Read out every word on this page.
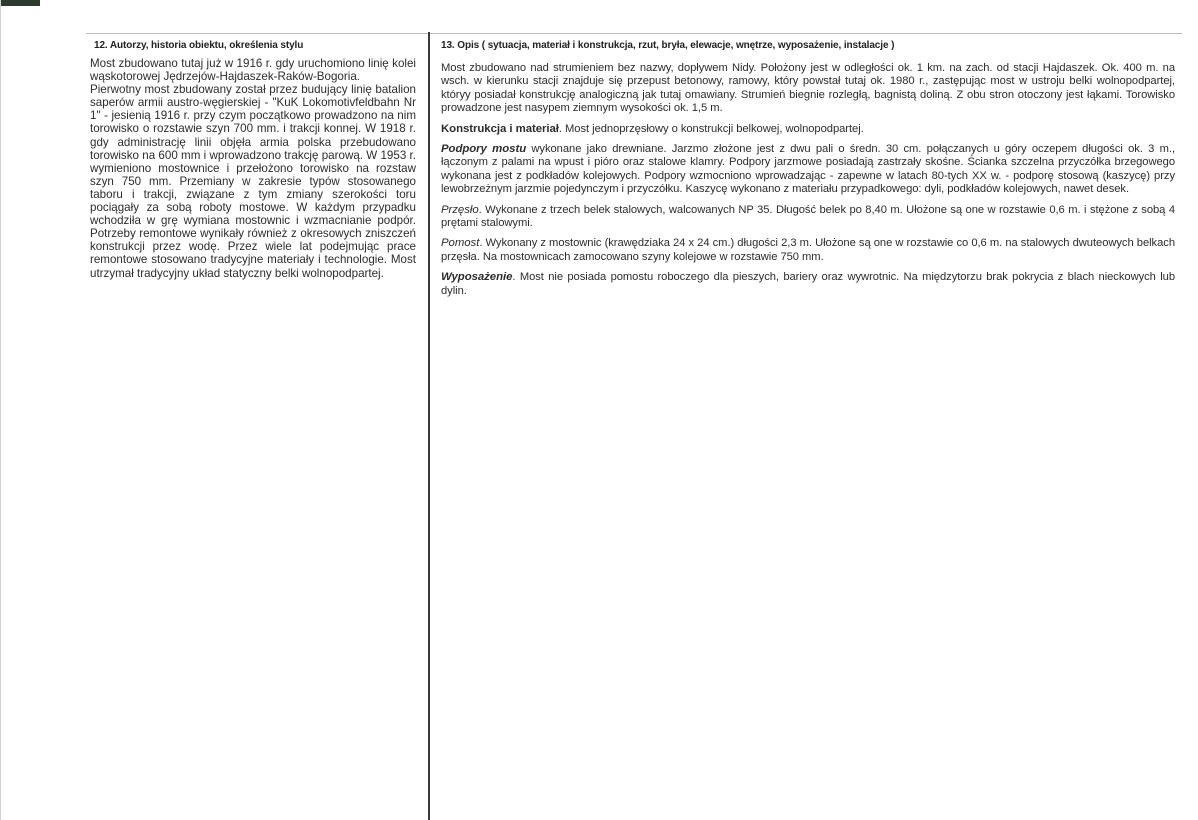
12. Autorzy, historia obiektu, określenia stylu

Most zbudowano tutaj już w 1916 r. gdy uruchomiono linię kolei wąskotorowej Jędrzejów-Hajdaszek-Raków-Bogoria.

Pierwotny most zbudowany został przez budujący linię batalion saperów armii austro-węgierskiej - "KuK Lokomotivfeldbahn Nr 1" - jesienią 1916 r. przy czym początkowo prowadzono na nim torowisko o rozstawie szyn 700 mm. i trakcji konnej. W 1918 r. gdy administrację linii objęła armia polska przebudowano torowisko na 600 mm i wprowadzono trakcję parową. W 1953 r. wymieniono mostownice i przełożono torowisko na rozstaw szyn 750 mm. Przemiany w zakresie typów stosowanego taboru i trakcji, związane z tym zmiany szerokości toru pociągały za sobą roboty mostowe. W każdym przypadku wchodziła w grę wymiana mostownic i wzmacnianie podpór. Potrzeby remontowe wynikały również z okresowych zniszczeń konstrukcji przez wodę. Przez wiele lat podejmując prace remontowe stosowano tradycyjne materiały i technologie. Most utrzymał tradycyjny układ statyczny belki wolnopodpartej.

13. Opis ( sytuacja, materiał i konstrukcja, rzut, bryła, elewacje, wnętrze, wyposażenie, instalacje )

Most zbudowano nad strumieniem bez nazwy, dopływem Nidy. Położony jest w odległości ok. 1 km. na zach. od stacji Hajdaszek. Ok. 400 m. na wsch. w kierunku stacji znajduje się przepust betonowy, ramowy, który powstał tutaj ok. 1980 r., zastępując most w ustroju belki wolnopodpartej, któryy posiadał konstrukcję analogiczną jak tutaj omawiany. Strumień biegnie rozległą, bagnistą doliną. Z obu stron otoczony jest łąkami. Torowisko prowadzone jest nasypem ziemnym wysokości ok. 1,5 m.

Konstrukcja i materiał. Most jednoprzęsłowy o konstrukcji belkowej, wolnopodpartej.

Podpory mostu wykonane jako drewniane. Jarzmo złożone jest z dwu pali o średn. 30 cm. połączanych u góry oczepem długości ok. 3 m., łączonym z palami na wpust i pióro oraz stalowe klamry. Podpory jarzmowe posiadają zastrzały skośne. Ścianka szczelna przyczółka brzegowego wykonana jest z podkładów kolejowych. Podpory wzmocniono wprowadzając - zapewne w latach 80-tych XX w. - podporę stosową (kaszycę) przy lewobrzeżnym jarzmie pojedynczym i przyczółku. Kaszycę wykonano z materiału przypadkowego: dyli, podkładów kolejowych, nawet desek.

Przęsło. Wykonane z trzech belek stalowych, walcowanych NP 35. Długość belek po 8,40 m. Ułożone są one w rozstawie 0,6 m. i stężone z sobą 4 prętami stalowymi.

Pomost. Wykonany z mostownic (krawędziaka 24 x 24 cm.) długości 2,3 m. Ułożone są one w rozstawie co 0,6 m. na stalowych dwuteowych belkach przęsła. Na mostownicach zamocowano szyny kolejowe w rozstawie 750 mm.

Wyposażenie. Most nie posiada pomostu roboczego dla pieszych, bariery oraz wywrotnic. Na międzytorzu brak pokrycia z blach nieckowych lub dylin.
